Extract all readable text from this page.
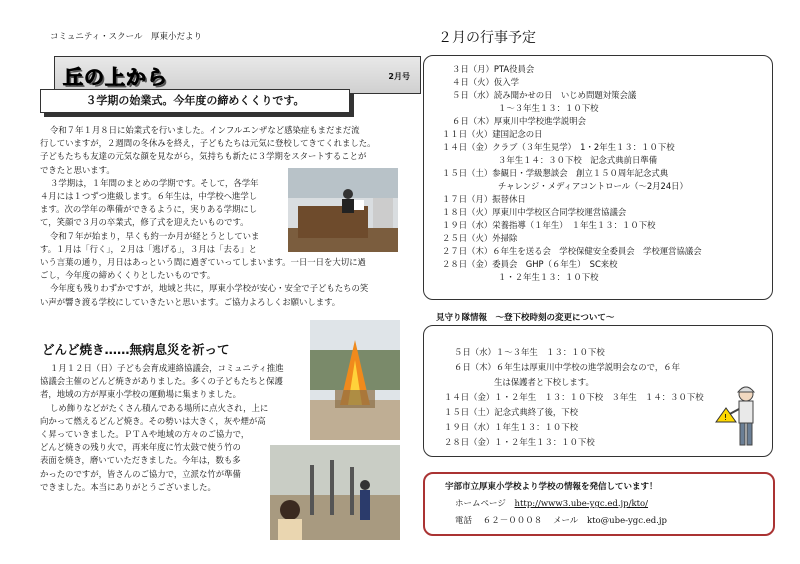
コミュニティ・スクール　厚東小だより
丘の上から	2月号
３学期の始業式。今年度の締めくくりです。
令和７年１月８日に始業式を行いました。インフルエンザなど感染症もまだまだ流
行していますが，２週間の冬休みを終え，子どもたちは元気に登校してきてくれました。
子どもたちも友達の元気な顔を見ながら，気持ちも新たに３学期をスタートすることが
できたと思います。
３学期は，１年間のまとめの学期です。そして，各学年
４月には１つずつ進級します。６年生は，中学校へ進学し
ます。次の学年の準備ができるように，実りある学期にし
て，笑顔で３月の卒業式，修了式を迎えたいものです。
令和７年が始まり，早くも約一か月が経とうとしていま
す。１月は「行く」，２月は「逃げる」，３月は「去る」と
いう言葉の通り，月日はあっという間に過ぎていってしまいます。一日一日を大切に過
ごし，今年度の締めくくりとしたいものです。
今年度も残りわずかですが，地域と共に，厚東小学校が安心・安全で子どもたちの笑
い声が響き渡る学校にしていきたいと思います。ご協力よろしくお願いします。
どんど焼き……無病息災を祈って
１月１２日（日）子ども会育成連絡協議会，コミュニティ推進
協議会主催のどんど焼きがありました。多くの子どもたちと保護
者，地域の方が厚東小学校の運動場に集まりました。
しめ飾りなどがたくさん積んである場所に点火され，上に
向かって燃えるどんど焼き。その勢いは大きく，灰や煙が高
く昇っていきました。ＰＴＡや地域の方々のご協力で，
どんど焼きの残り火で，再来年度に竹太鼓で使う竹の
表面を焼き，磨いていただきました。今年は，数も多
かったのですが，皆さんのご協力で，立派な竹が準備
できました。本当にありがとうございました。
２月の行事予定
３日（月）PTA役員会
４日（火）仮入学
５日（水）読み聞かせの日　いじめ問題対策会議
１～３年生１３：１０下校
６日（木）厚東川中学校進学説明会
１１日（火）建国記念の日
１４日（金）クラブ（３年生見学）　1・2年生１３：１０下校
３年生１４：３０下校　記念式典前日準備
１５日（土）参観日・学級懇談会　創立１５０周年記念式典
チャレンジ・メディアコントロール（～2月24日）
１７日（月）振替休日
１８日（火）厚東川中学校区合同学校運営協議会
１９日（水）栄養指導（１年生）　１年生１３：１０下校
２５日（火）外掃除
２７日（木）６年生を送る会　学校保健安全委員会　学校運営協議会
２８日（金）委員会　GHP（６年生）　SC来校
１・２年生１３：１０下校
見守り隊情報　～登下校時刻の変更について～
５日（水）１～３年生　１３：１０下校
６日（木）６年生は厚東川中学校の進学説明会なので，６年
生は保護者と下校します。
１４日（金）１・２年生　１３：１０下校　３年生　１４：３０下校
１５日（土）記念式典終了後，下校
１９日（水）１年生１３：１０下校
２８日（金）１・２年生１３：１０下校
!
宇部市立厚東小学校より学校の情報を発信しています！
ホームページ http://www3.ube-ygc.ed.jp/kto/
電話 ６２－０００８ メール kto@ube-ygc.ed.jp
